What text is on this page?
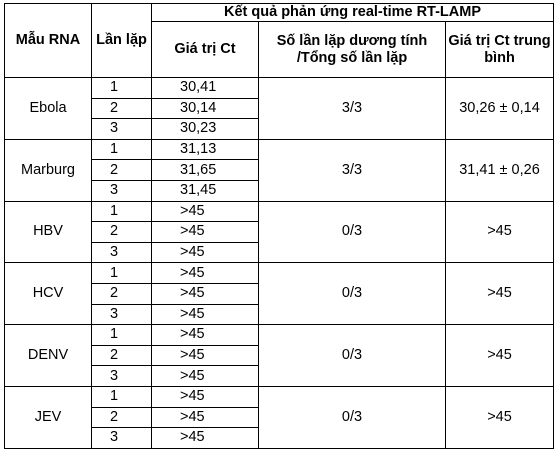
Mẫu RNA	Lần lặp	Kết quả phản ứng real-time RT-LAMP		
		Giá trị Ct	Số lần lặp dương tính /Tổng số lần lặp	Giá trị Ct trung bình
Ebola	1	30,41	3/3	30,26 ± 0,14
	2	30,14		
	3	30,23		
Marburg	1	31,13	3/3	31,41 ± 0,26
	2	31,65		
	3	31,45		
HBV	1	>45	0/3	>45
	2	>45		
	3	>45		
HCV	1	>45	0/3	>45
	2	>45		
	3	>45		
DENV	1	>45	0/3	>45
	2	>45		
	3	>45		
JEV	1	>45	0/3	>45
	2	>45		
	3	>45		
